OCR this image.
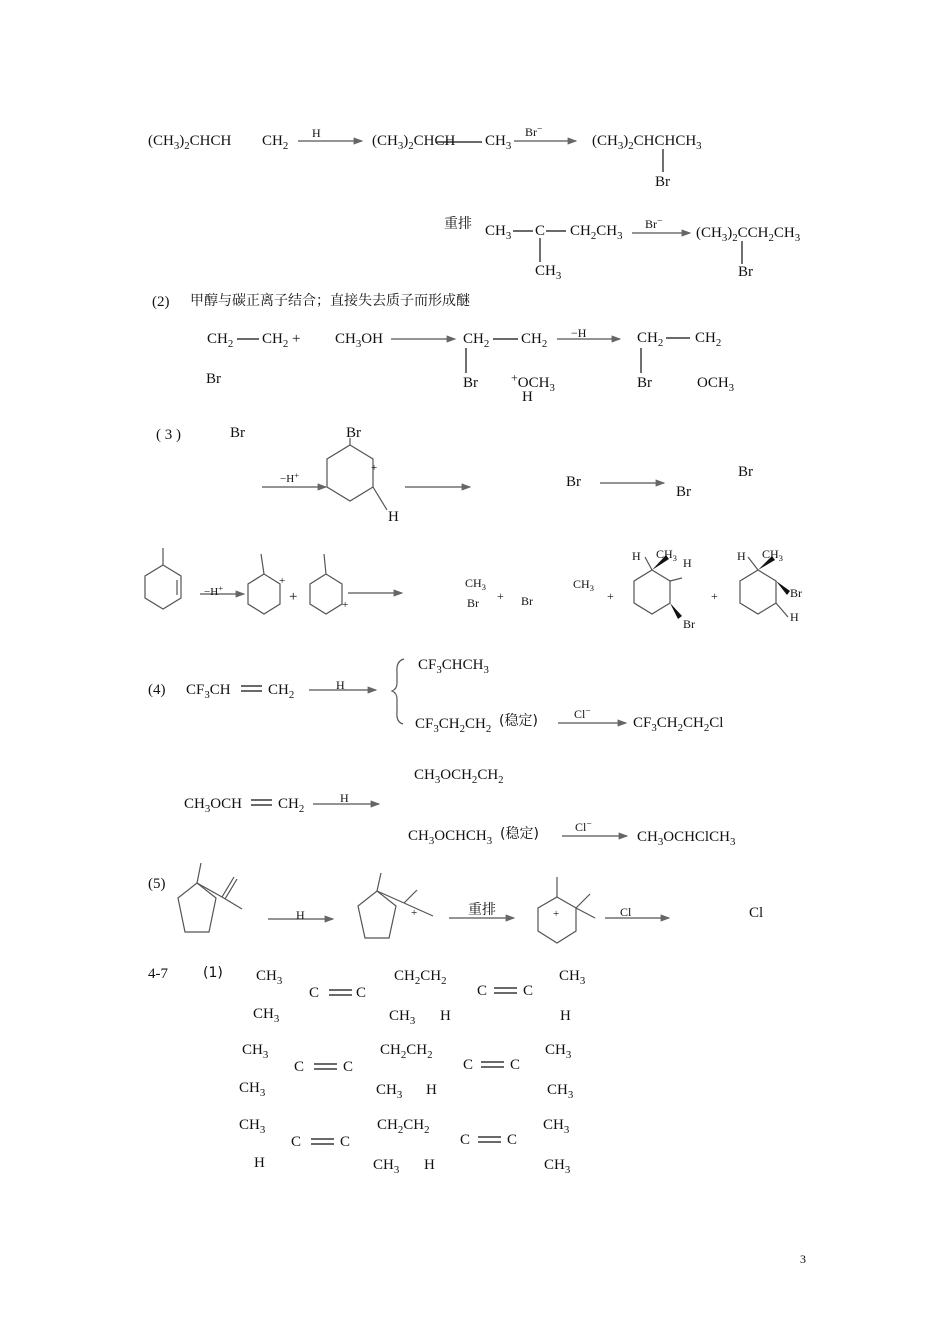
$(CH_3)_2CHCH$ $CH_2$
H	$(CH_3)_2CHCH$ $CH_3$
Br−
$(CH_3)_2CHCHCH_3$
Br
重排 $CH_3$ C $CH_2CH_3$
$CH_3$
Br−
$(CH_3)_2CCH_2CH_3$
Br
(2) 甲醇与碳正离子结合；直接失去质子而形成醚
$CH_2$ $CH_2$ +
Br
$CH_3OH$	$CH_2$ $CH_2$
Br	$^+OCH_3$
H
−H	$CH_2$ $CH_2$
Br	$OCH_3$
( 3 )	Br	Br
−H+
+
H
Br
Br
Br
−H+
+
+	+
$CH_3$
Br + Br
$CH_3$
+
H $CH_3$ H
Br
+
H $CH_3$
Br
H
(4) $CF_3CH$ $CH_2$
H
$CF_3CHCH_3$
$CF_3CH_2CH_2$ (稳定)	Cl−
$CF_3CH_2CH_2Cl$
$CH_3OCH_2CH_2$
$CH_3OCH$ $CH_2$
H
$CH_3OCHCH_3$ (稳定)	Cl−
$CH_3OCHClCH_3$
(5)
H	+	重排	+	Cl	Cl
4-7	(1) $CH_3$
C C
$CH_3$
$CH_2CH_2$
$CH_3$ H
C C
$CH_3$
H
$CH_3$
C	C
$CH_3$
$CH_2CH_2$
$CH_3$ H
C C
$CH_3$
$CH_3$
$CH_3$
C	C
H
$CH_2CH_2$
$CH_3$ H
C C
$CH_3$
$CH_3$
3
